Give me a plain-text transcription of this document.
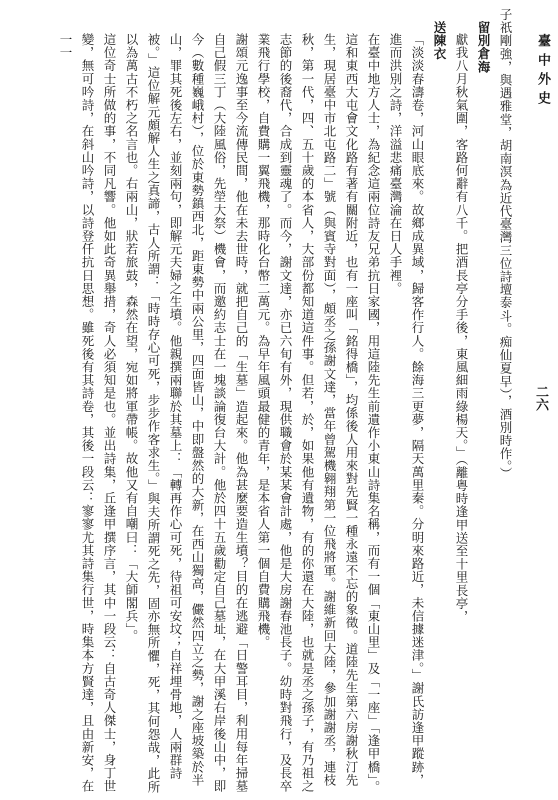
臺中外史
二六

子祇剛強，與遇雅堂，胡南溟為近代臺灣三位詩壇泰斗。痴仙夏早），酒別時作。）

留別倉海

獻我八月秋氣圍，客路何辭有八千。把酒長亭分手後，東風細雨綠楊天。」（離粤時逢甲送至十里長亭，

送陳衣

「淡淡春濤卷，河山眼底來。故鄉成異域，歸客作行人。餘海三更夢，隔天萬里秦。分明來路近，未信據迷津。」謝氏訪逢甲蹤跡，進而洪別之詩，洋溢悲痛臺灣淪在日人手裡。

在臺中地方人士，為紀念這兩位詩友兄弟抗日家國，用這陸先生前遺作小東山詩集名稱，而有一個「東山里」及「一座」「逢甲橋」。這和東西大屯會文化路有著有關附近，也有一座叫「銘得橋」，均係後人用來對先賢一種永遠不忘的象徵。道陸先生第六房謝秋汀先生，現居臺中市北屯路二」號（與賓寺對面），頗丞之孫謝文達，當年曾駕機翱翔第一位飛將軍。謝維新回大陸，參加謝謝丞，連枝秋，第一代，四、五十歲的本省人，大部份都知道這件事。但若，於，如果他有遺物，有的你還在大陸，也就是丞之孫子，有乃祖之志節的後裔代，合成到靈魂了。而今，謝文達，亦已六旬有外，現供職會於某某會計處，他是大房謝春池長子。幼時對飛行，及長卒業飛行學校，自費購一翼飛機，那時化台幣二萬元。為早年風頭最健的青年，是本省人第一個自費購飛機。

謝頌元逸事至今流傳民間，他在未去世時，就把自己的「生墓」造起來。他為甚麼要造生墳？目的在逃避「日警耳目，利用每年掃墓自己假三丁（大陸風俗，先塋大祭）機會，而邀約志士在一塊談論復台大計。他於四十五歲勸定自己墓址，在大甲溪右岸後山中，即今（數種巍峨村），位於東勢鎮西北，距東勢中兩公里，四面皆山，中即盤然的大新，在西山獨高，儼然四立之勢，謝之座坡築於半山，罪其死後左右，並刻兩句，即解元夫婦之生墳。他親撰兩聯於其墓上：「轉再作心可死，待祖可安坟；自祥埋骨地，人兩群詩被。」這位解元頗解人生之真諦，古人所謂：「時時存心可死，步步作客求生。」與夫所謂死之先，固亦無所懼，死，其何怨哉，此所以為萬古不朽之名言也。右兩山，狀若旅鼓，森然在望，宛如將軍帶帳。故他又有自嘲曰：「大師閣兵」。

這位奇士所做的事，不同凡響。他如此奇異舉措，奇人必須知是也。並出詩集，丘逢甲撰序言，其中一段云：自古奇人傑士，身丁世變，無可吟詩，在斜山吟詩，以詩登仟抗日思想。雖死後有其詩卷，其後一段云：寥寥尤其詩集行世，時集本方賢達，且由新安，在一一
